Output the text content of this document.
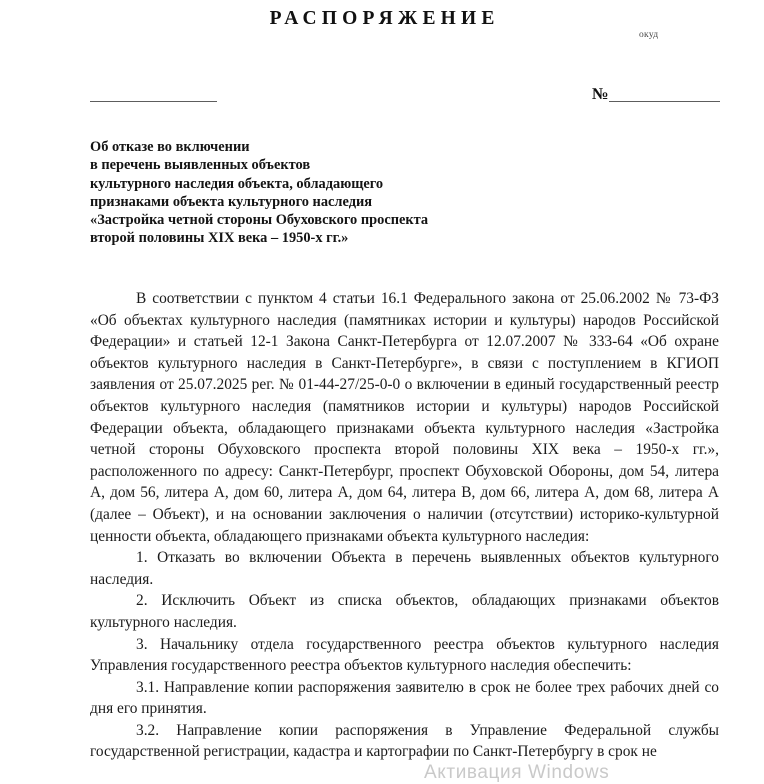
РАСПОРЯЖЕНИЕ
окуд
№
Об отказе во включении
в перечень выявленных объектов
культурного наследия объекта, обладающего
признаками объекта культурного наследия
«Застройка четной стороны Обуховского проспекта
второй половины XIX века – 1950-х гг.»

В соответствии с пунктом 4 статьи 16.1 Федерального закона от 25.06.2002 № 73-ФЗ «Об объектах культурного наследия (памятниках истории и культуры) народов Российской Федерации» и статьей 12-1 Закона Санкт-Петербурга от 12.07.2007 № 333-64 «Об охране объектов культурного наследия в Санкт-Петербурге», в связи с поступлением в КГИОП заявления от 25.07.2025 рег. № 01-44-27/25-0-0 о включении в единый государственный реестр объектов культурного наследия (памятников истории и культуры) народов Российской Федерации объекта, обладающего признаками объекта культурного наследия «Застройка четной стороны Обуховского проспекта второй половины XIX века – 1950-х гг.», расположенного по адресу: Санкт-Петербург, проспект Обуховской Обороны, дом 54, литера А, дом 56, литера А, дом 60, литера А, дом 64, литера В, дом 66, литера А, дом 68, литера А (далее – Объект), и на основании заключения о наличии (отсутствии) историко-культурной ценности объекта, обладающего признаками объекта культурного наследия:

1. Отказать во включении Объекта в перечень выявленных объектов культурного наследия.

2. Исключить Объект из списка объектов, обладающих признаками объектов культурного наследия.

3. Начальнику отдела государственного реестра объектов культурного наследия Управления государственного реестра объектов культурного наследия обеспечить:

3.1. Направление копии распоряжения заявителю в срок не более трех рабочих дней со дня его принятия.

3.2. Направление копии распоряжения в Управление Федеральной службы государственной регистрации, кадастра и картографии по Санкт-Петербургу в срок не

Активация Windows
